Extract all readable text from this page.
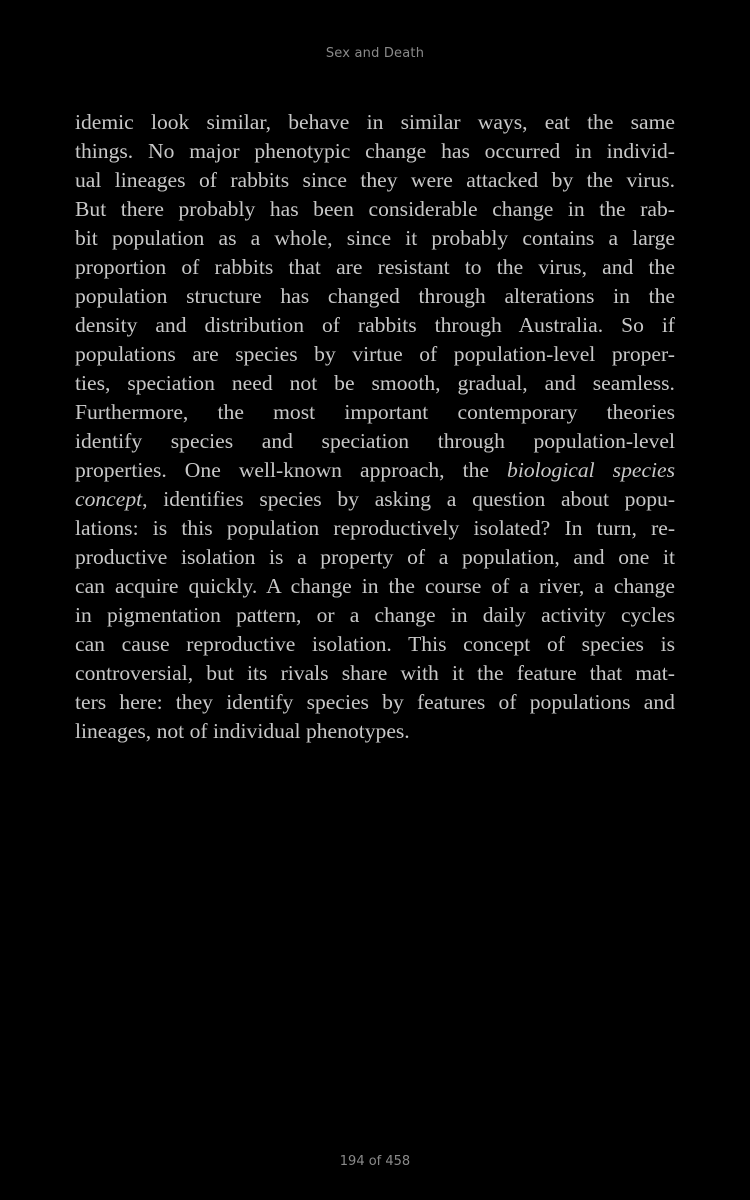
Sex and Death
idemic look similar, behave in similar ways, eat the same
things. No major phenotypic change has occurred in individ-
ual lineages of rabbits since they were attacked by the virus.
But there probably has been considerable change in the rab-
bit population as a whole, since it probably contains a large
proportion of rabbits that are resistant to the virus, and the
population structure has changed through alterations in the
density and distribution of rabbits through Australia. So if
populations are species by virtue of population-level proper-
ties, speciation need not be smooth, gradual, and seamless.
Furthermore, the most important contemporary theories
identify species and speciation through population-level
properties. One well-known approach, the biological species
concept, identifies species by asking a question about popu-
lations: is this population reproductively isolated? In turn, re-
productive isolation is a property of a population, and one it
can acquire quickly. A change in the course of a river, a change
in pigmentation pattern, or a change in daily activity cycles
can cause reproductive isolation. This concept of species is
controversial, but its rivals share with it the feature that mat-
ters here: they identify species by features of populations and
lineages, not of individual phenotypes.
194 of 458
